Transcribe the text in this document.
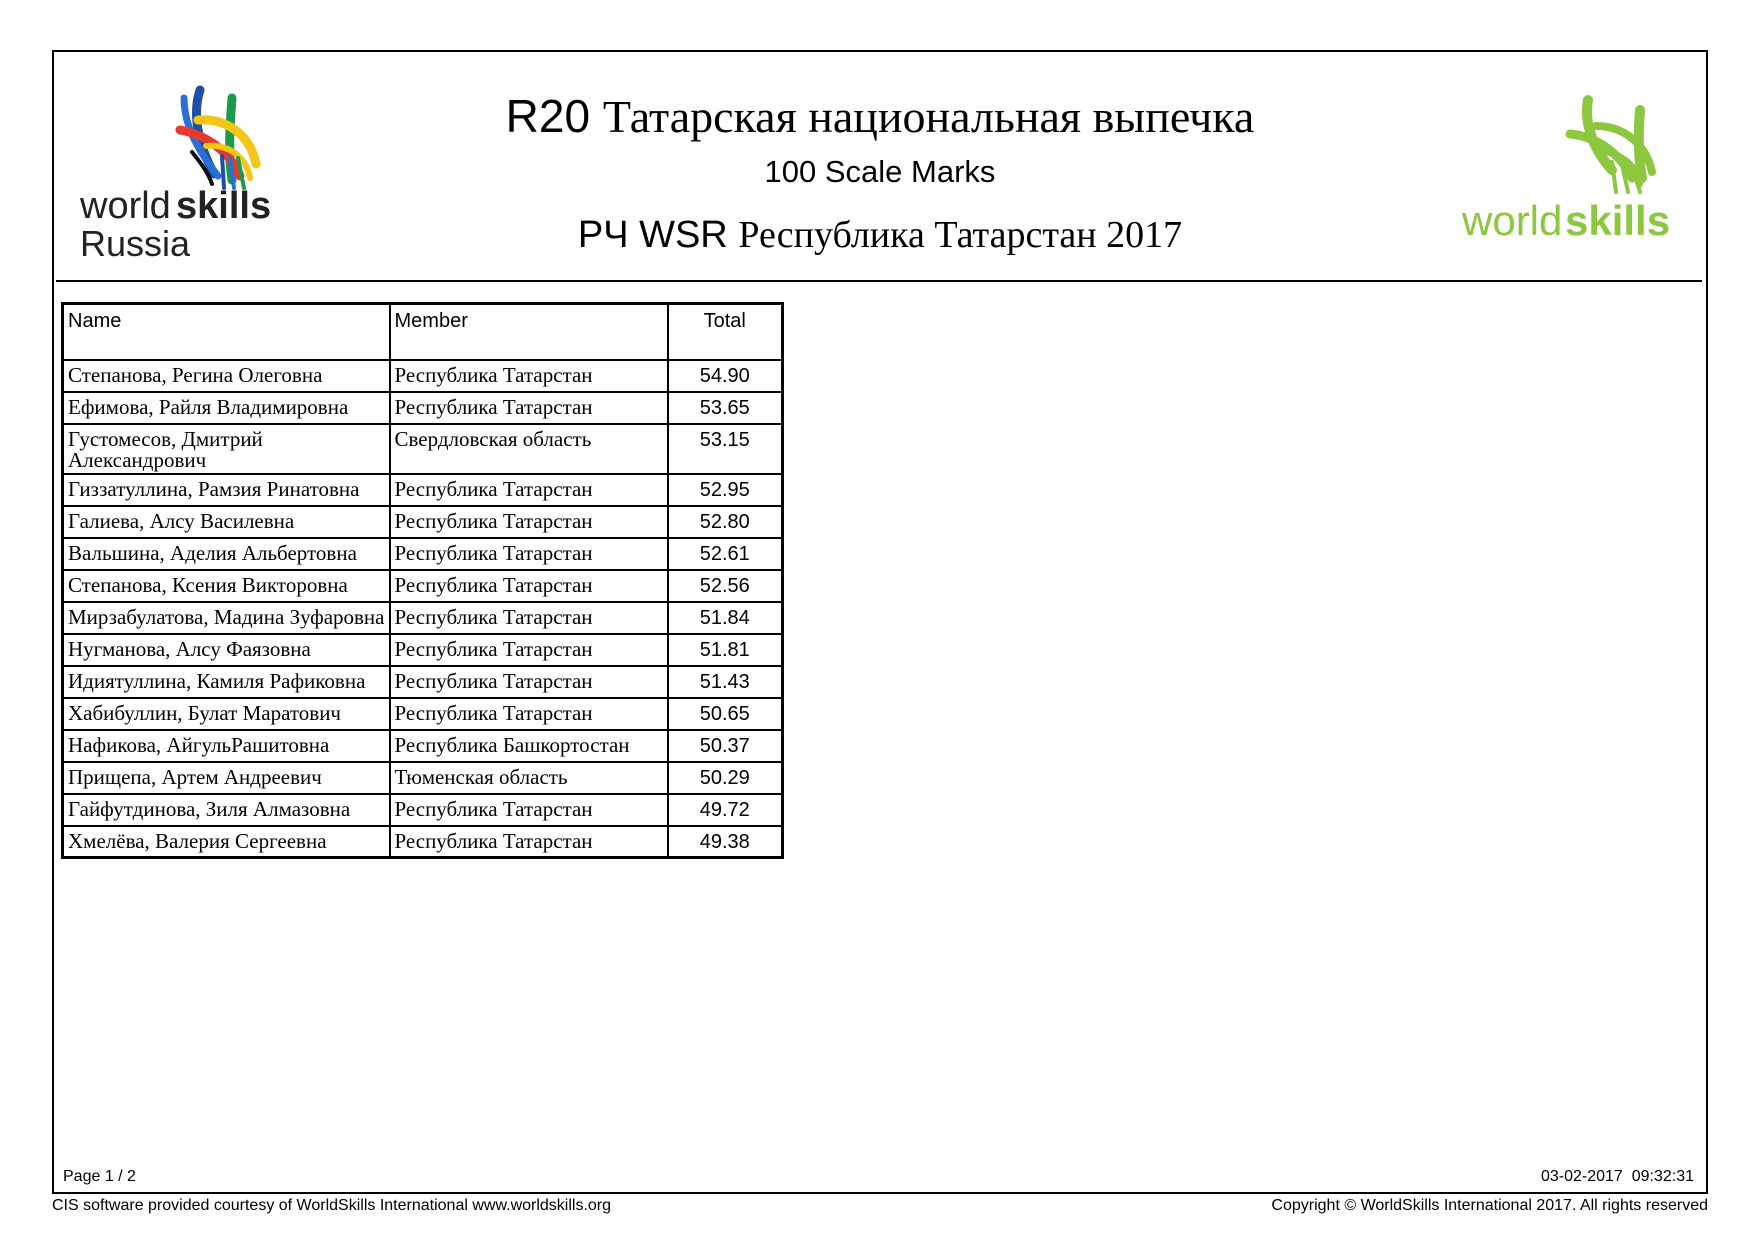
world skills
Russia
R20 Татарская национальная выпечка
100 Scale Marks
РЧ WSR Республика Татарстан 2017	world skills
Name	Member	Total
Степанова, Регина Олеговна	Республика Татарстан	54.90
Ефимова, Райля Владимировна	Республика Татарстан	53.65
Густомесов, Дмитрий Александрович	Свердловская область	53.15
Гиззатуллина, Рамзия Ринатовна	Республика Татарстан	52.95
Галиева, Алсу Василевна	Республика Татарстан	52.80
Вальшина, Аделия Альбертовна	Республика Татарстан	52.61
Степанова, Ксения Викторовна	Республика Татарстан	52.56
Мирзабулатова, Мадина Зуфаровна	Республика Татарстан	51.84
Нугманова, Алсу Фаязовна	Республика Татарстан	51.81
Идиятуллина, Камиля Рафиковна	Республика Татарстан	51.43
Хабибуллин, Булат Маратович	Республика Татарстан	50.65
Нафикова, АйгульРашитовна	Республика Башкортостан	50.37
Прищепа, Артем Андреевич	Тюменская область	50.29
Гайфутдинова, Зиля Алмазовна	Республика Татарстан	49.72
Хмелёва, Валерия Сергеевна	Республика Татарстан	49.38
Page 1 / 2	03-02-2017  09:32:31
CIS software provided courtesy of WorldSkills International www.worldskills.org	Copyright © WorldSkills International 2017. All rights reserved
